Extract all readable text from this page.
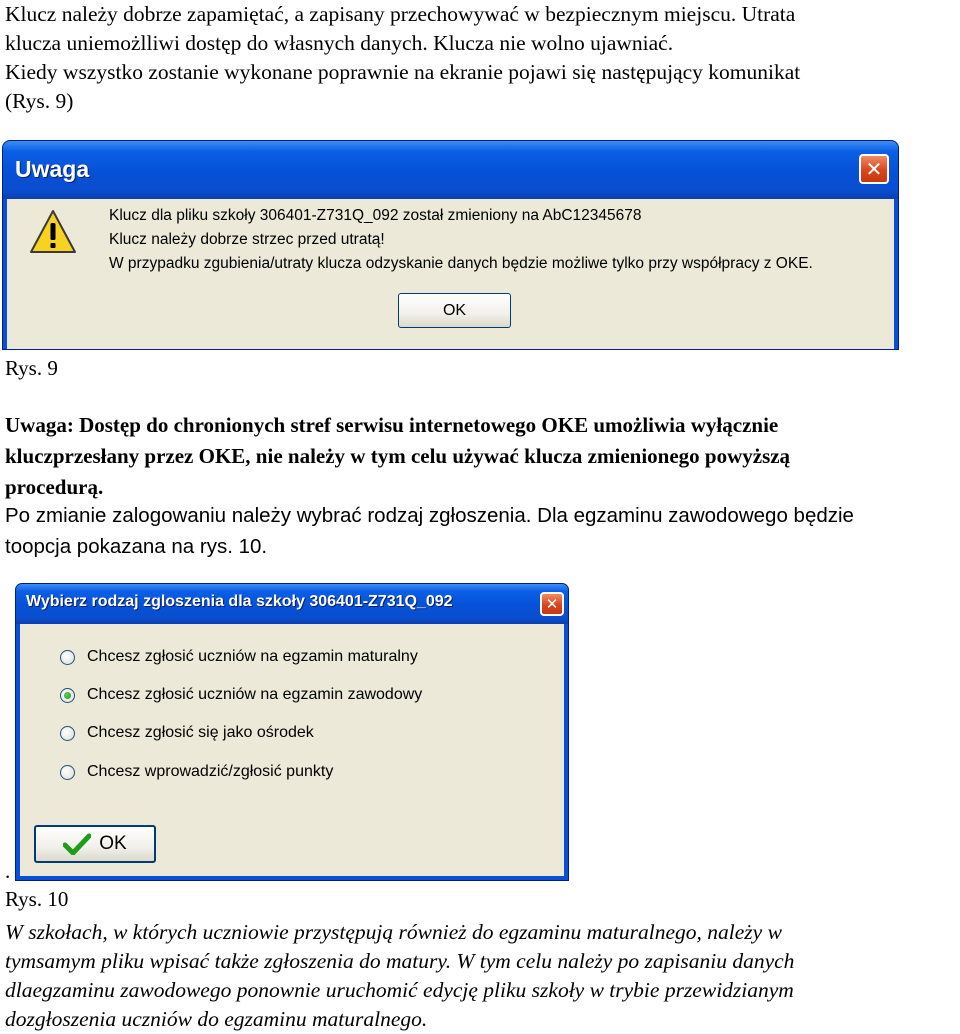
Klucz należy dobrze zapamiętać, a zapisany przechowywać w bezpiecznym miejscu. Utrata
klucza uniemożlliwi dostęp do własnych danych. Klucza nie wolno ujawniać.
Kiedy wszystko zostanie wykonane poprawnie na ekranie pojawi się następujący komunikat
(Rys. 9)
Uwaga	✕
Klucz dla pliku szkoły 306401-Z731Q_092 został zmieniony na AbC12345678
Klucz należy dobrze strzec przed utratą!
W przypadku zgubienia/utraty klucza odzyskanie danych będzie możliwe tylko przy współpracy z OKE.
OK
Rys. 9
Uwaga: Dostęp do chronionych stref serwisu internetowego OKE umożliwia wyłącznie
kluczprzesłany przez OKE, nie należy w tym celu używać klucza zmienionego powyższą
procedurą.
Po zmianie zalogowaniu należy wybrać rodzaj zgłoszenia. Dla egzaminu zawodowego będzie
toopcja pokazana na rys. 10.
Wybierz rodzaj zgloszenia dla szkoły 306401-Z731Q_092	✕
Chcesz zgłosić uczniów na egzamin maturalny
Chcesz zgłosić uczniów na egzamin zawodowy
Chcesz zgłosić się jako ośrodek
Chcesz wprowadzić/zgłosić punkty
OK
.
Rys. 10
W szkołach, w których uczniowie przystępują również do egzaminu maturalnego, należy w
tymsamym pliku wpisać także zgłoszenia do matury. W tym celu należy po zapisaniu danych
dlaegzaminu zawodowego ponownie uruchomić edycję pliku szkoły w trybie przewidzianym
dozgłoszenia uczniów do egzaminu maturalnego.
